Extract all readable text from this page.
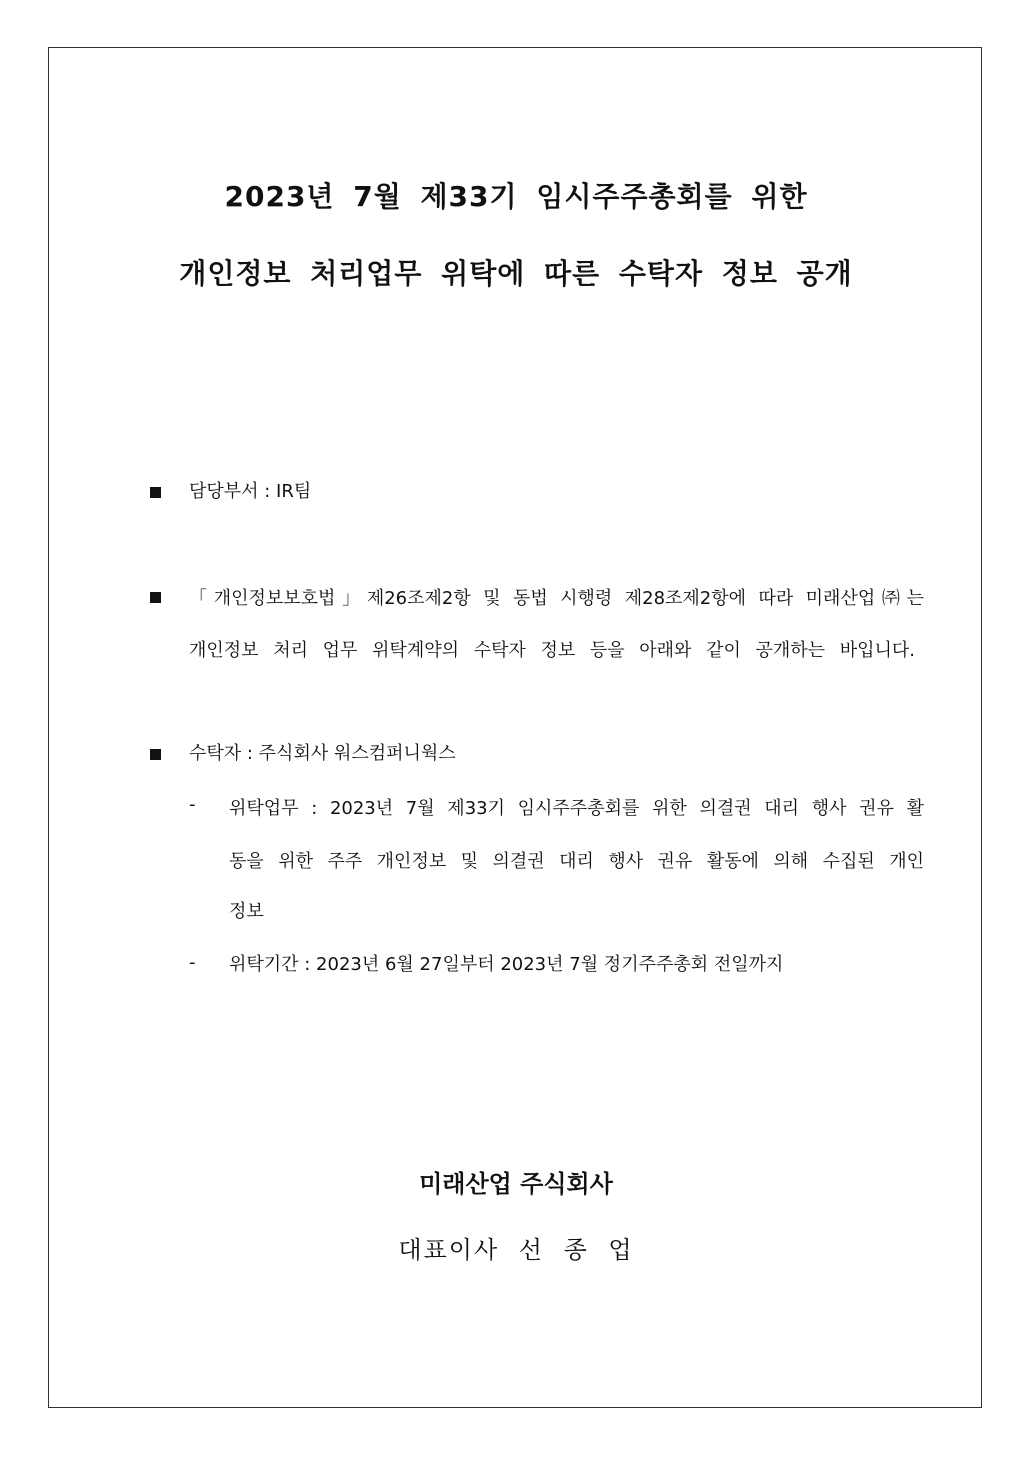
2023년 7월 제33기 임시주주총회를 위한
개인정보 처리업무 위탁에 따른 수탁자 정보 공개
담당부서 : IR팀
「개인정보보호법」제26조제2항 및 동법 시행령 제28조제2항에 따라 미래산업㈜는
개인정보 처리 업무 위탁계약의 수탁자 정보 등을 아래와 같이 공개하는 바입니다.
수탁자 : 주식회사 워스컴퍼니웍스
- 위탁업무 : 2023년 7월 제33기 임시주주총회를 위한 의결권 대리 행사 권유 활
동을 위한 주주 개인정보 및 의결권 대리 행사 권유 활동에 의해 수집된 개인
정보
- 위탁기간 : 2023년 6월 27일부터 2023년 7월 정기주주총회 전일까지
미래산업 주식회사
대표이사 선 종 업
